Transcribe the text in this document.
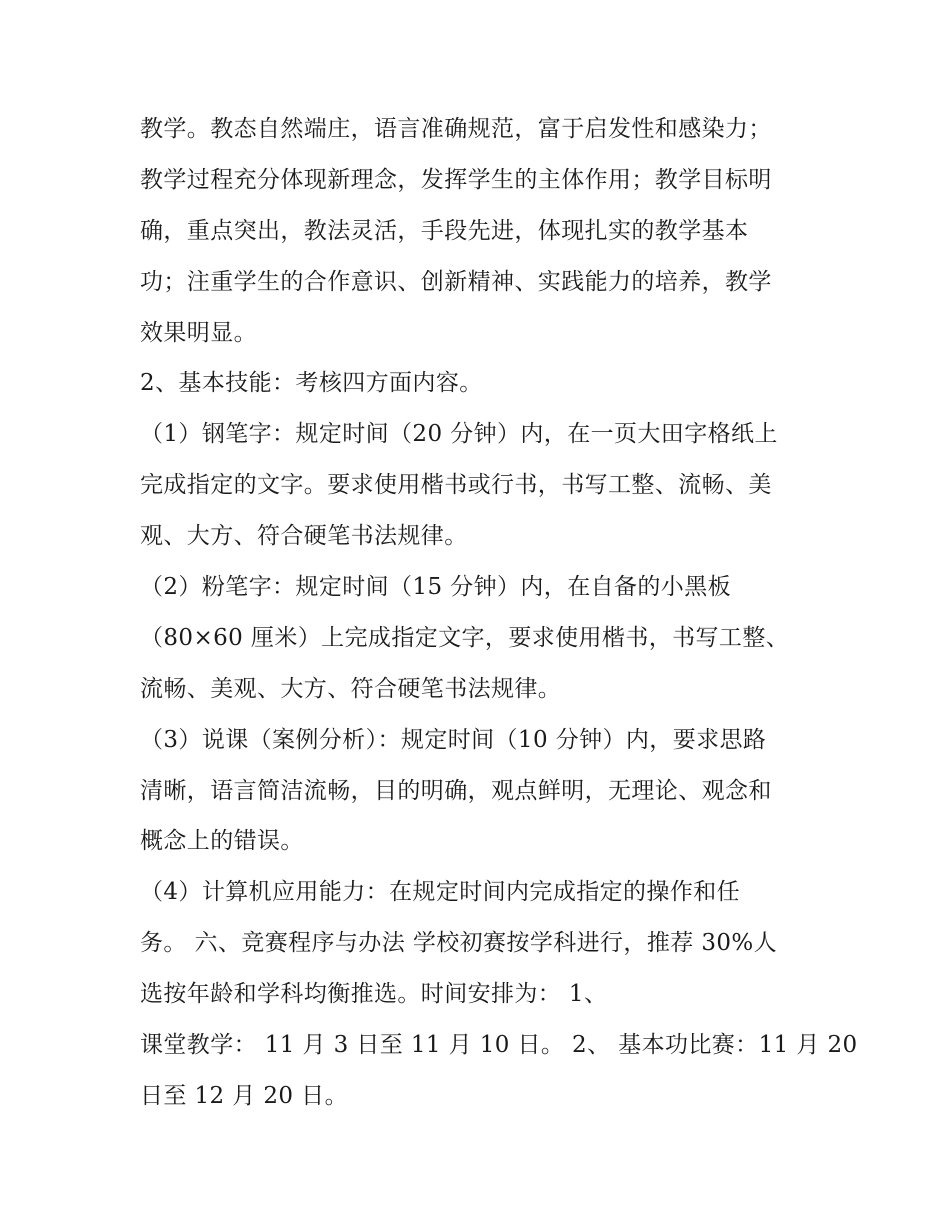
教学。教态自然端庄，语言准确规范，富于启发性和感染力；
教学过程充分体现新理念，发挥学生的主体作用；教学目标明
确，重点突出，教法灵活，手段先进，体现扎实的教学基本
功；注重学生的合作意识、创新精神、实践能力的培养，教学
效果明显。
2、基本技能：考核四方面内容。
（1）钢笔字：规定时间（20 分钟）内，在一页大田字格纸上
完成指定的文字。要求使用楷书或行书，书写工整、流畅、美
观、大方、符合硬笔书法规律。
（2）粉笔字：规定时间（15 分钟）内，在自备的小黑板
（80×60 厘米）上完成指定文字，要求使用楷书，书写工整、
流畅、美观、大方、符合硬笔书法规律。
（3）说课（案例分析）：规定时间（10 分钟）内，要求思路
清晰，语言简洁流畅，目的明确，观点鲜明，无理论、观念和
概念上的错误。
（4）计算机应用能力：在规定时间内完成指定的操作和任
务。 六、竞赛程序与办法 学校初赛按学科进行，推荐 30%人
选按年龄和学科均衡推选。时间安排为： 1、
课堂教学： 11 月 3 日至 11 月 10 日。 2、 基本功比赛：11 月 20
日至 12 月 20 日。
